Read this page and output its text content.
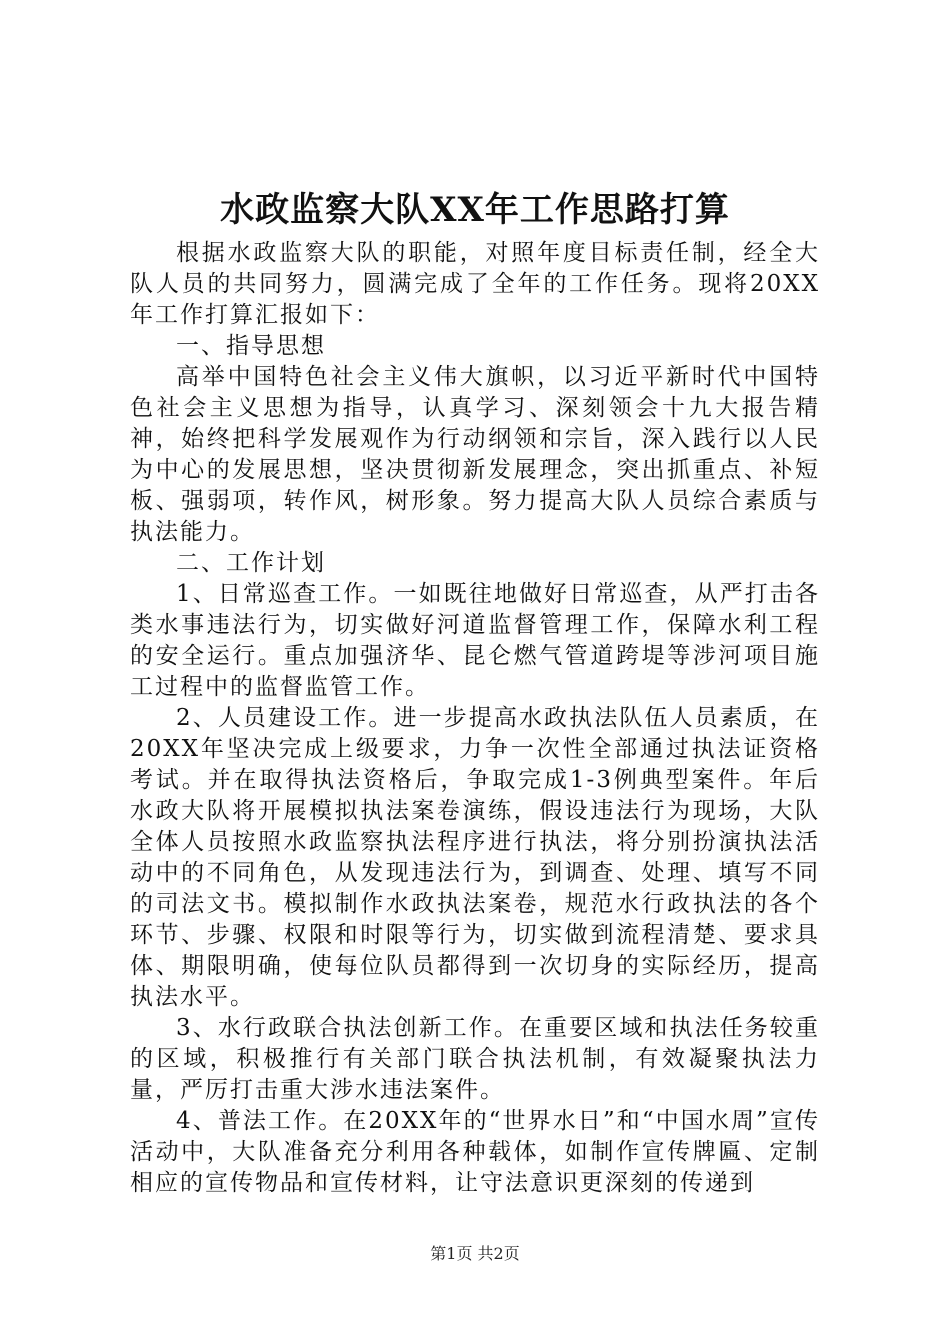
水政监察大队XX年工作思路打算

根据水政监察大队的职能，对照年度目标责任制，经全大队人员的共同努力，圆满完成了全年的工作任务。现将20XX年工作打算汇报如下：

一、指导思想

高举中国特色社会主义伟大旗帜，以习近平新时代中国特色社会主义思想为指导，认真学习、深刻领会十九大报告精神，始终把科学发展观作为行动纲领和宗旨，深入践行以人民为中心的发展思想，坚决贯彻新发展理念，突出抓重点、补短板、强弱项，转作风，树形象。努力提高大队人员综合素质与执法能力。

二、工作计划

1、日常巡查工作。一如既往地做好日常巡查，从严打击各类水事违法行为，切实做好河道监督管理工作，保障水利工程的安全运行。重点加强济华、昆仑燃气管道跨堤等涉河项目施工过程中的监督监管工作。

2、人员建设工作。进一步提高水政执法队伍人员素质，在20XX年坚决完成上级要求，力争一次性全部通过执法证资格考试。并在取得执法资格后，争取完成1-3例典型案件。年后水政大队将开展模拟执法案卷演练，假设违法行为现场，大队全体人员按照水政监察执法程序进行执法，将分别扮演执法活动中的不同角色，从发现违法行为，到调查、处理、填写不同的司法文书。模拟制作水政执法案卷，规范水行政执法的各个环节、步骤、权限和时限等行为，切实做到流程清楚、要求具体、期限明确，使每位队员都得到一次切身的实际经历，提高执法水平。

3、水行政联合执法创新工作。在重要区域和执法任务较重的区域，积极推行有关部门联合执法机制，有效凝聚执法力量，严厉打击重大涉水违法案件。

4、普法工作。在20XX年的“世界水日”和“中国水周”宣传活动中，大队准备充分利用各种载体，如制作宣传牌匾、定制相应的宣传物品和宣传材料，让守法意识更深刻的传递到

第1页 共2页
